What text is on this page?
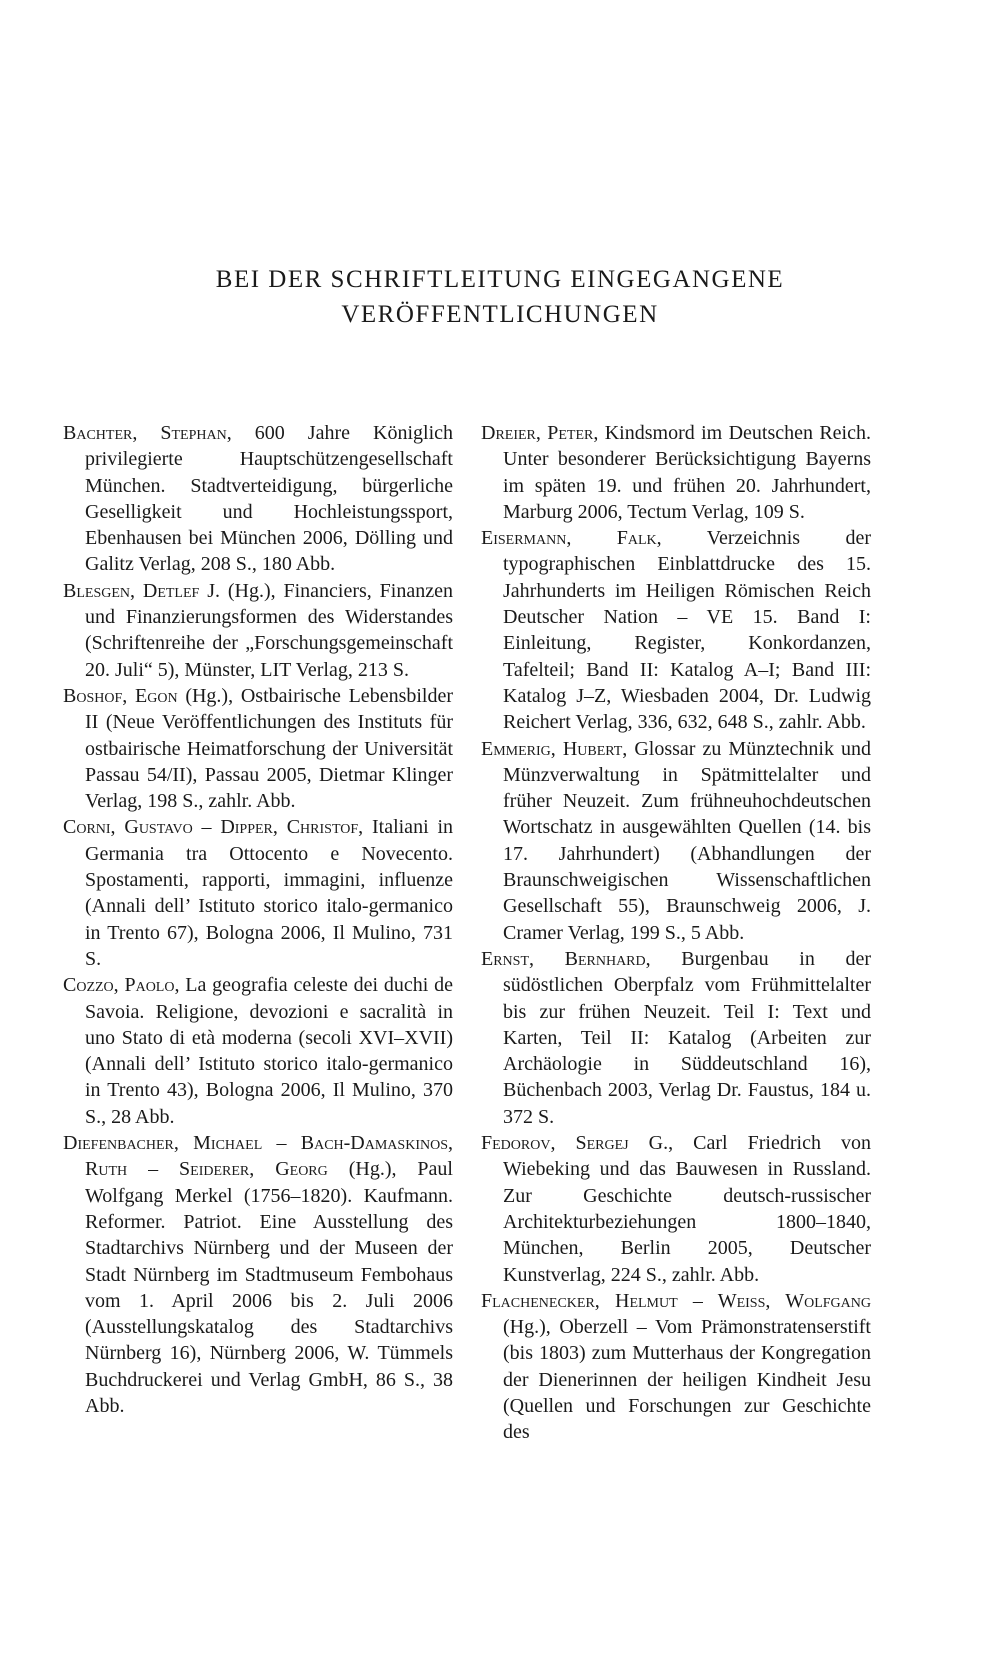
BEI DER SCHRIFTLEITUNG EINGEGANGENE
VERÖFFENTLICHUNGEN

Bachter, Stephan, 600 Jahre Königlich privilegierte Hauptschützengesellschaft München. Stadtverteidigung, bürgerliche Geselligkeit und Hochleistungssport, Ebenhausen bei München 2006, Dölling und Galitz Verlag, 208 S., 180 Abb.

Blesgen, Detlef J. (Hg.), Financiers, Finanzen und Finanzierungsformen des Widerstandes (Schriftenreihe der „Forschungsgemeinschaft 20. Juli“ 5), Münster, LIT Verlag, 213 S.

Boshof, Egon (Hg.), Ostbairische Lebensbilder II (Neue Veröffentlichungen des Instituts für ostbairische Heimatforschung der Universität Passau 54/II), Passau 2005, Dietmar Klinger Verlag, 198 S., zahlr. Abb.

Corni, Gustavo – Dipper, Christof, Italiani in Germania tra Ottocento e Novecento. Spostamenti, rapporti, immagini, influenze (Annali dell’ Istituto storico italo-germanico in Trento 67), Bologna 2006, Il Mulino, 731 S.

Cozzo, Paolo, La geografia celeste dei duchi de Savoia. Religione, devozioni e sacralità in uno Stato di età moderna (secoli XVI–XVII) (Annali dell’ Istituto storico italo-germanico in Trento 43), Bologna 2006, Il Mulino, 370 S., 28 Abb.

Diefenbacher, Michael – Bach-Damaskinos, Ruth – Seiderer, Georg (Hg.), Paul Wolfgang Merkel (1756–1820). Kaufmann. Reformer. Patriot. Eine Ausstellung des Stadtarchivs Nürnberg und der Museen der Stadt Nürnberg im Stadtmuseum Fembohaus vom 1. April 2006 bis 2. Juli 2006 (Ausstellungskatalog des Stadtarchivs Nürnberg 16), Nürnberg 2006, W. Tümmels Buchdruckerei und Verlag GmbH, 86 S., 38 Abb.

Dreier, Peter, Kindsmord im Deutschen Reich. Unter besonderer Berücksichtigung Bayerns im späten 19. und frühen 20. Jahrhundert, Marburg 2006, Tectum Verlag, 109 S.

Eisermann, Falk, Verzeichnis der typographischen Einblattdrucke des 15. Jahrhunderts im Heiligen Römischen Reich Deutscher Nation – VE 15. Band I: Einleitung, Register, Konkordanzen, Tafelteil; Band II: Katalog A–I; Band III: Katalog J–Z, Wiesbaden 2004, Dr. Ludwig Reichert Verlag, 336, 632, 648 S., zahlr. Abb.

Emmerig, Hubert, Glossar zu Münztechnik und Münzverwaltung in Spätmittelalter und früher Neuzeit. Zum frühneuhochdeutschen Wortschatz in ausgewählten Quellen (14. bis 17. Jahrhundert) (Abhandlungen der Braunschweigischen Wissenschaftlichen Gesellschaft 55), Braunschweig 2006, J. Cramer Verlag, 199 S., 5 Abb.

Ernst, Bernhard, Burgenbau in der südöstlichen Oberpfalz vom Frühmittelalter bis zur frühen Neuzeit. Teil I: Text und Karten, Teil II: Katalog (Arbeiten zur Archäologie in Süddeutschland 16), Büchenbach 2003, Verlag Dr. Faustus, 184 u. 372 S.

Fedorov, Sergej G., Carl Friedrich von Wiebeking und das Bauwesen in Russland. Zur Geschichte deutsch-russischer Architekturbeziehungen 1800–1840, München, Berlin 2005, Deutscher Kunstverlag, 224 S., zahlr. Abb.

Flachenecker, Helmut – Weiss, Wolfgang (Hg.), Oberzell – Vom Prämonstratenserstift (bis 1803) zum Mutterhaus der Kongregation der Dienerinnen der heiligen Kindheit Jesu (Quellen und Forschungen zur Geschichte des
